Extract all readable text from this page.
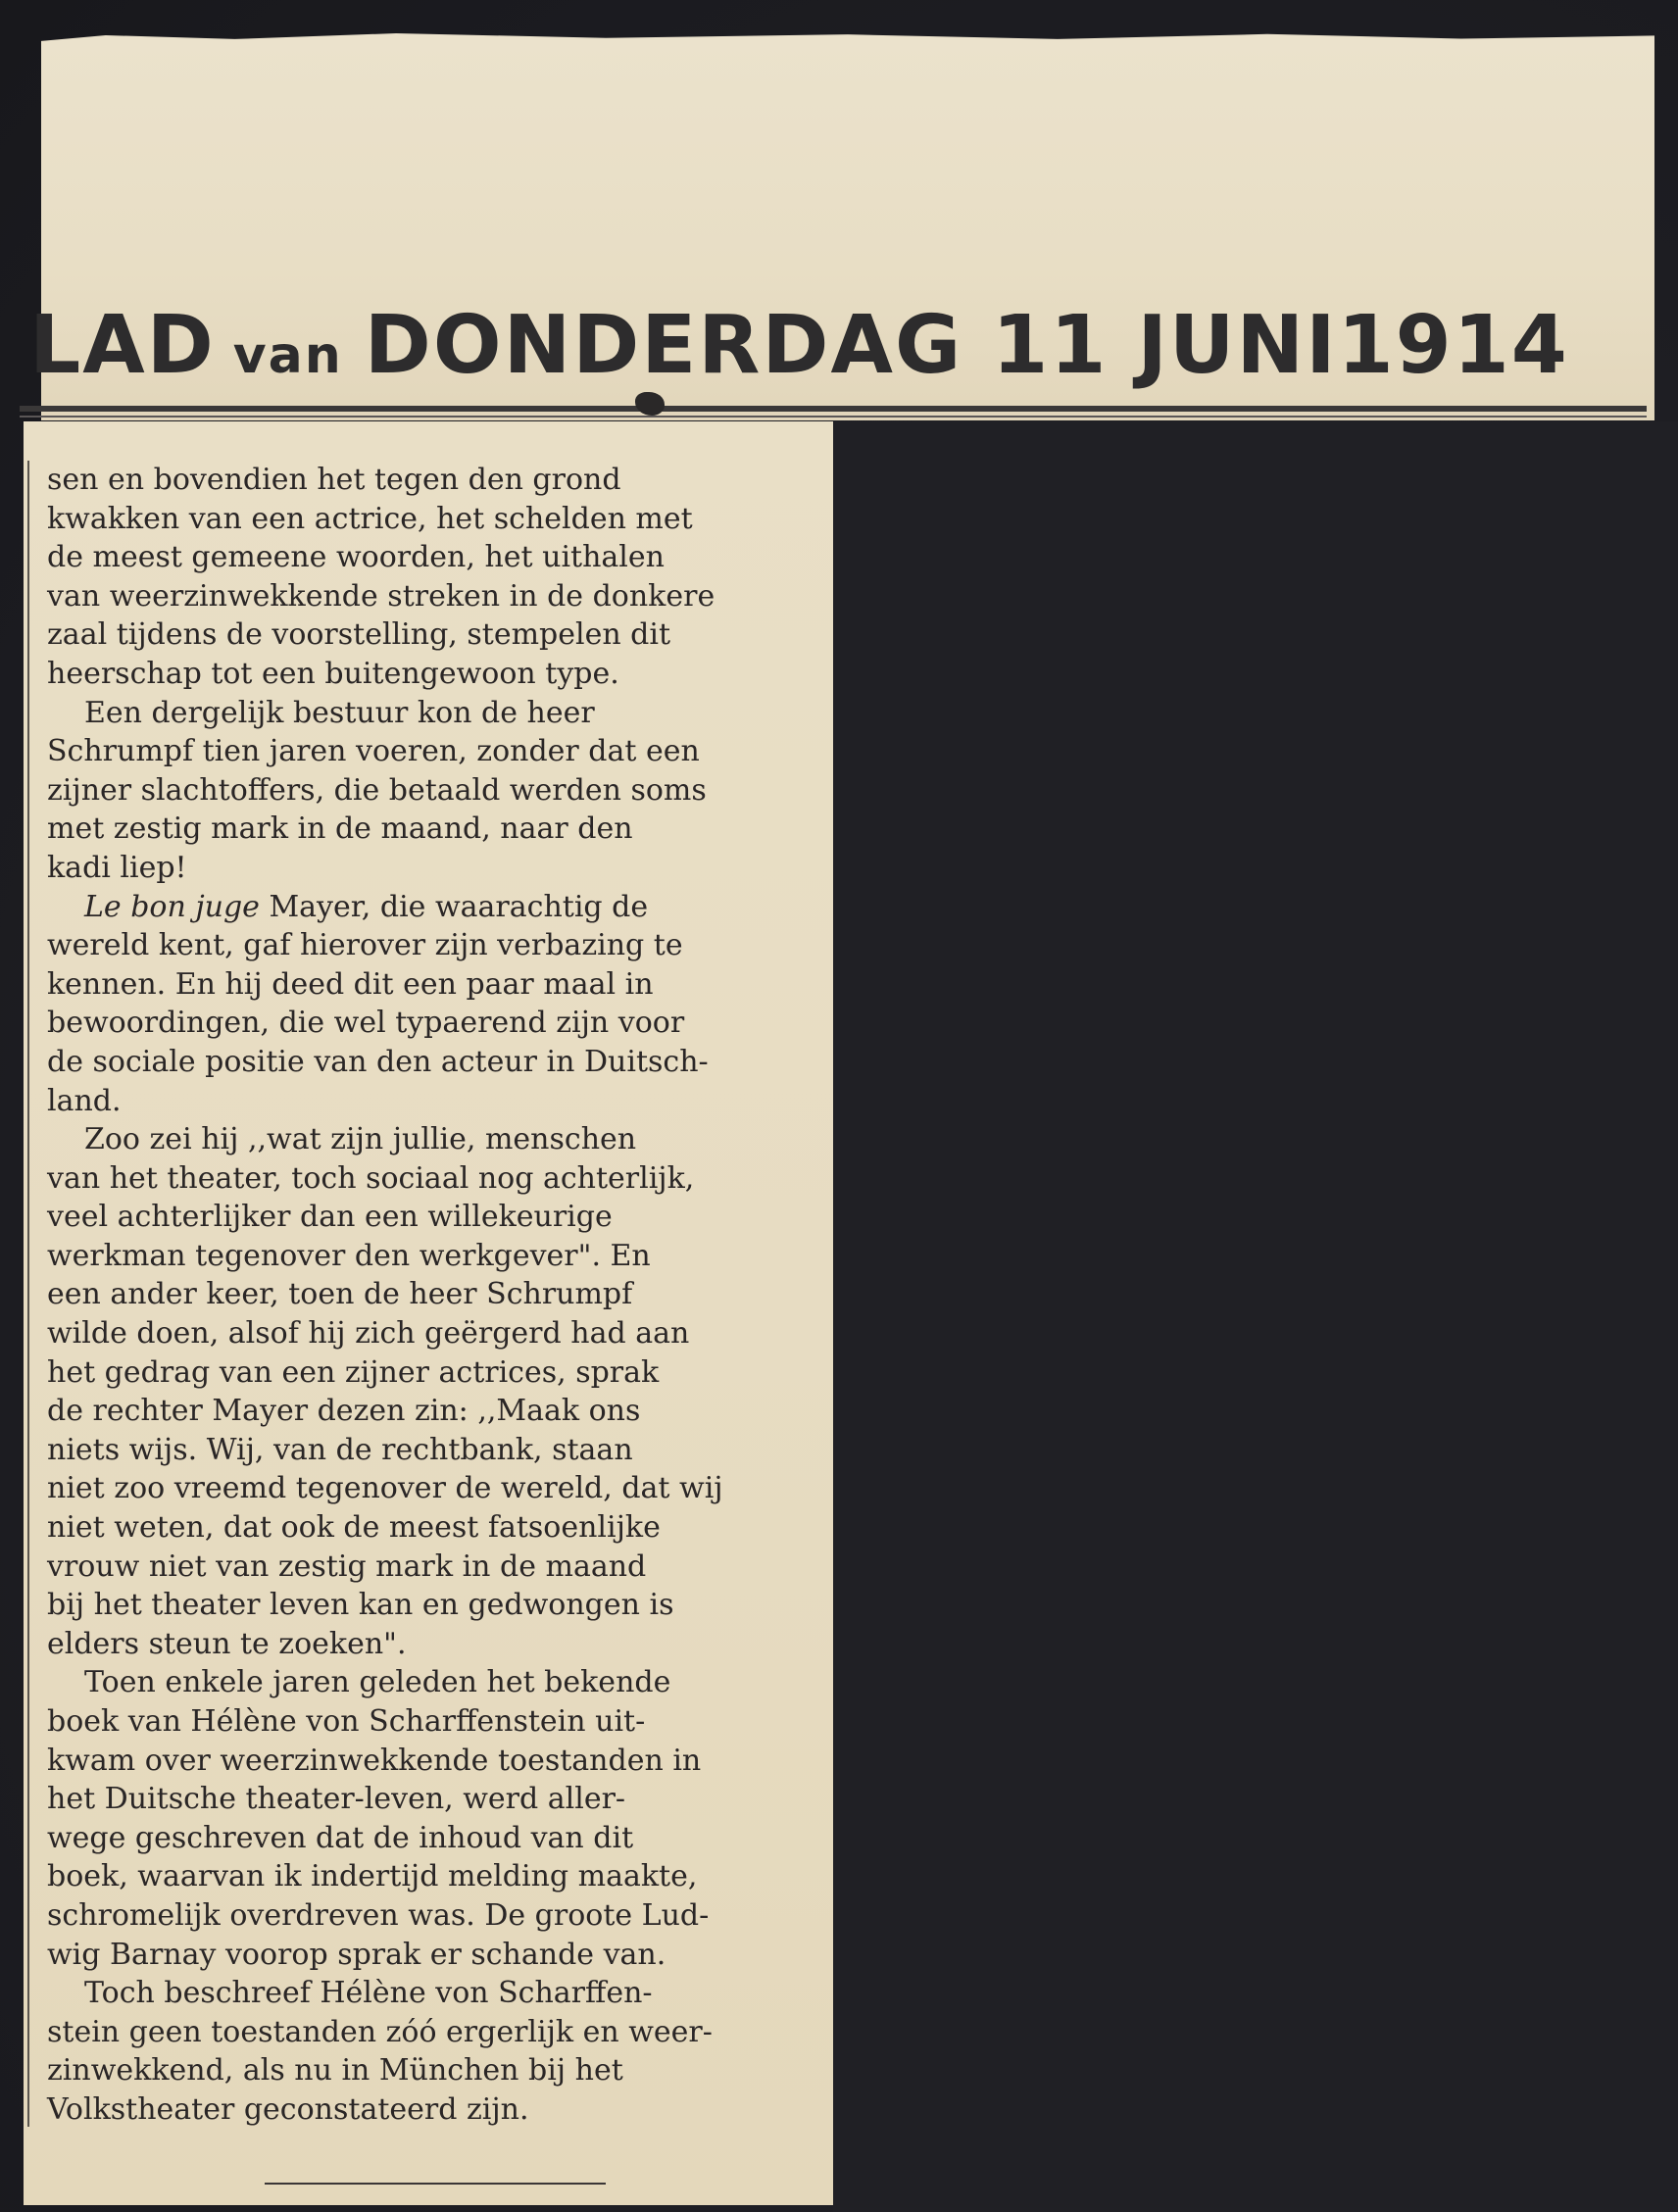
LAD van DONDERDAG 11 JUNI1914

sen en bovendien het tegen den grond

kwakken van een actrice, het schelden met

de meest gemeene woorden, het uithalen

van weerzinwekkende streken in de donkere

zaal tijdens de voorstelling, stempelen dit

heerschap tot een buitengewoon type.

Een dergelijk bestuur kon de heer

Schrumpf tien jaren voeren, zonder dat een

zijner slachtoffers, die betaald werden soms

met zestig mark in de maand, naar den

kadi liep!

Le bon juge Mayer, die waarachtig de

wereld kent, gaf hierover zijn verbazing te

kennen. En hij deed dit een paar maal in

bewoordingen, die wel typaerend zijn voor

de sociale positie van den acteur in Duitsch-

land.

Zoo zei hij ,,wat zijn jullie, menschen

van het theater, toch sociaal nog achterlijk,

veel achterlijker dan een willekeurige

werkman tegenover den werkgever". En

een ander keer, toen de heer Schrumpf

wilde doen, alsof hij zich geërgerd had aan

het gedrag van een zijner actrices, sprak

de rechter Mayer dezen zin: ,,Maak ons

niets wijs. Wij, van de rechtbank, staan

niet zoo vreemd tegenover de wereld, dat wij

niet weten, dat ook de meest fatsoenlijke

vrouw niet van zestig mark in de maand

bij het theater leven kan en gedwongen is

elders steun te zoeken".

Toen enkele jaren geleden het bekende

boek van Hélène von Scharffenstein uit-

kwam over weerzinwekkende toestanden in

het Duitsche theater-leven, werd aller-

wege geschreven dat de inhoud van dit

boek, waarvan ik indertijd melding maakte,

schromelijk overdreven was. De groote Lud-

wig Barnay voorop sprak er schande van.

Toch beschreef Hélène von Scharffen-

stein geen toestanden zóó ergerlijk en weer-

zinwekkend, als nu in München bij het

Volkstheater geconstateerd zijn.
